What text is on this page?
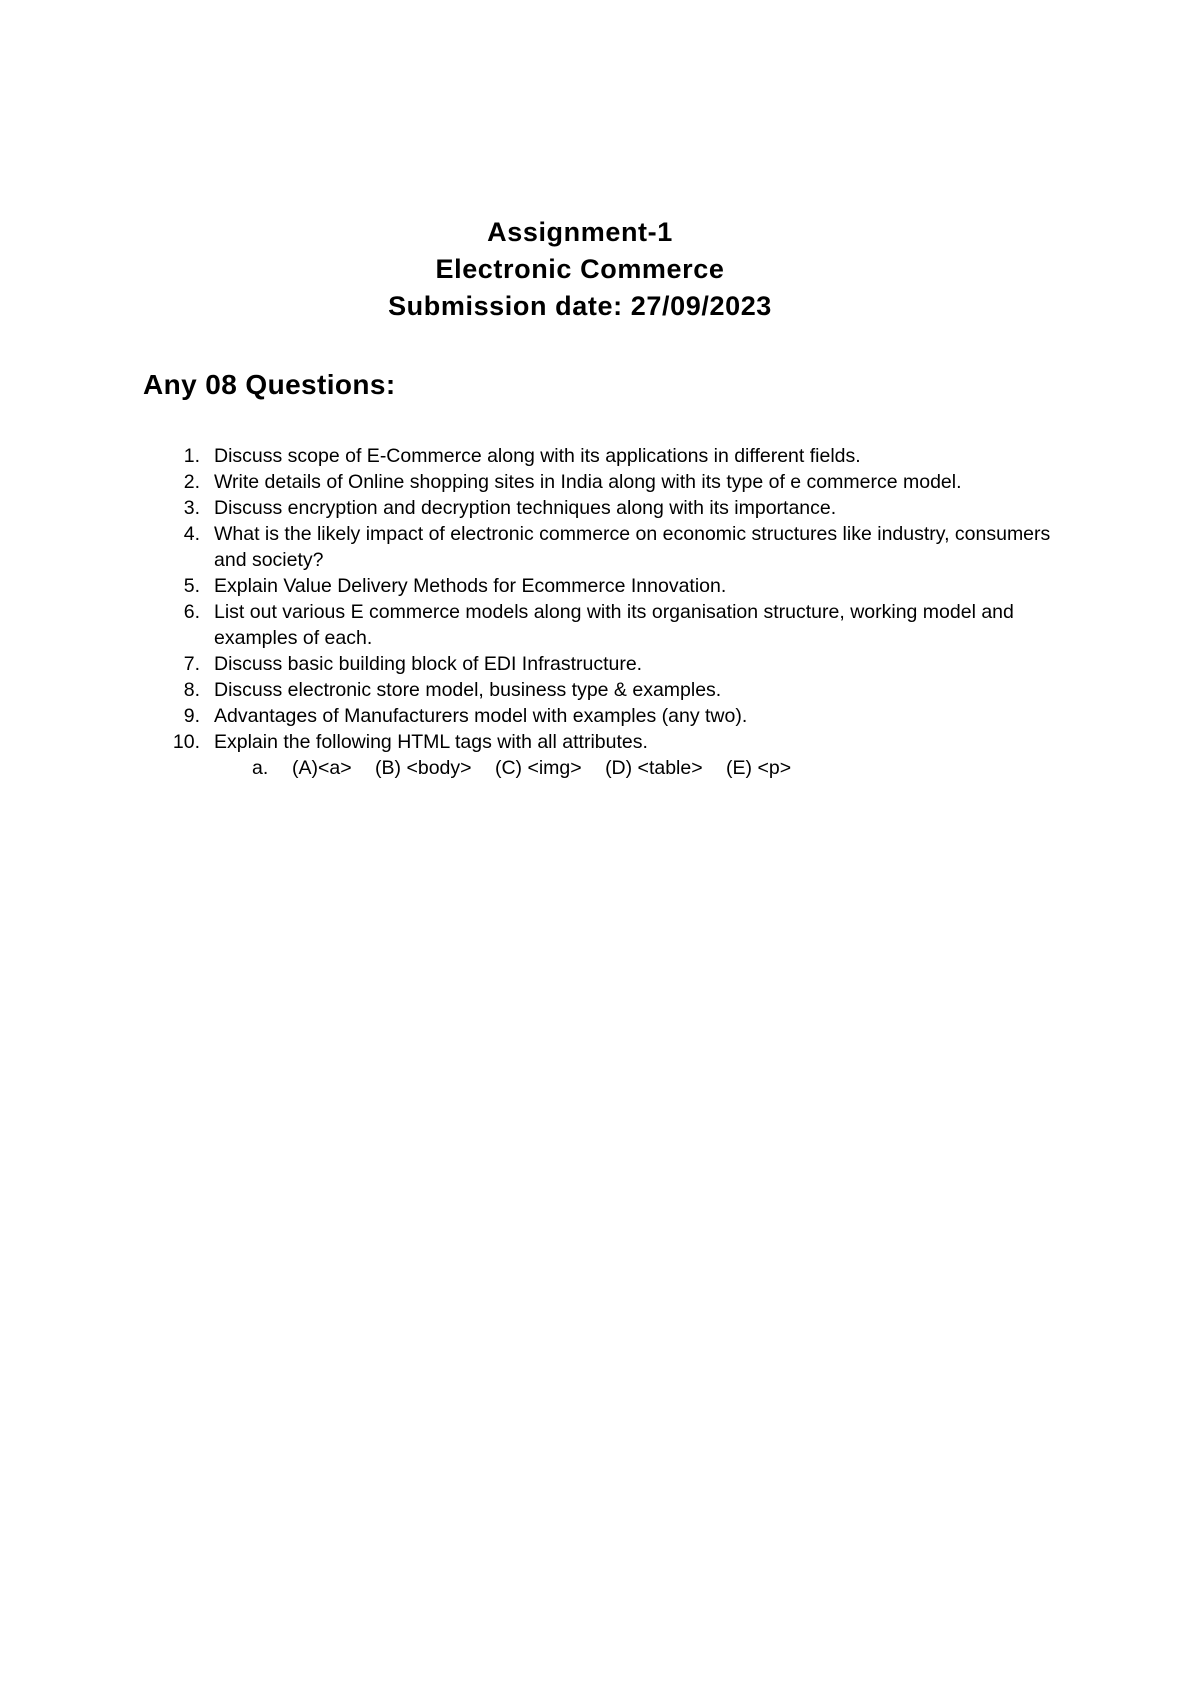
Assignment-1
Electronic Commerce
Submission date: 27/09/2023
Any 08 Questions:
1. Discuss scope of E-Commerce along with its applications in different fields.
2. Write details of Online shopping sites in India along with its type of e commerce model.
3. Discuss encryption and decryption techniques along with its importance.
4. What is the likely impact of electronic commerce on economic structures like industry, consumers and society?
5. Explain Value Delivery Methods for Ecommerce Innovation.
6. List out various E commerce models along with its organisation structure, working model and examples of each.
7. Discuss basic building block of EDI Infrastructure.
8. Discuss electronic store model, business type & examples.
9. Advantages of Manufacturers model with examples (any two).
10. Explain the following HTML tags with all attributes.
a. (A)<a> (B) <body> (C) <img> (D) <table> (E) <p>
